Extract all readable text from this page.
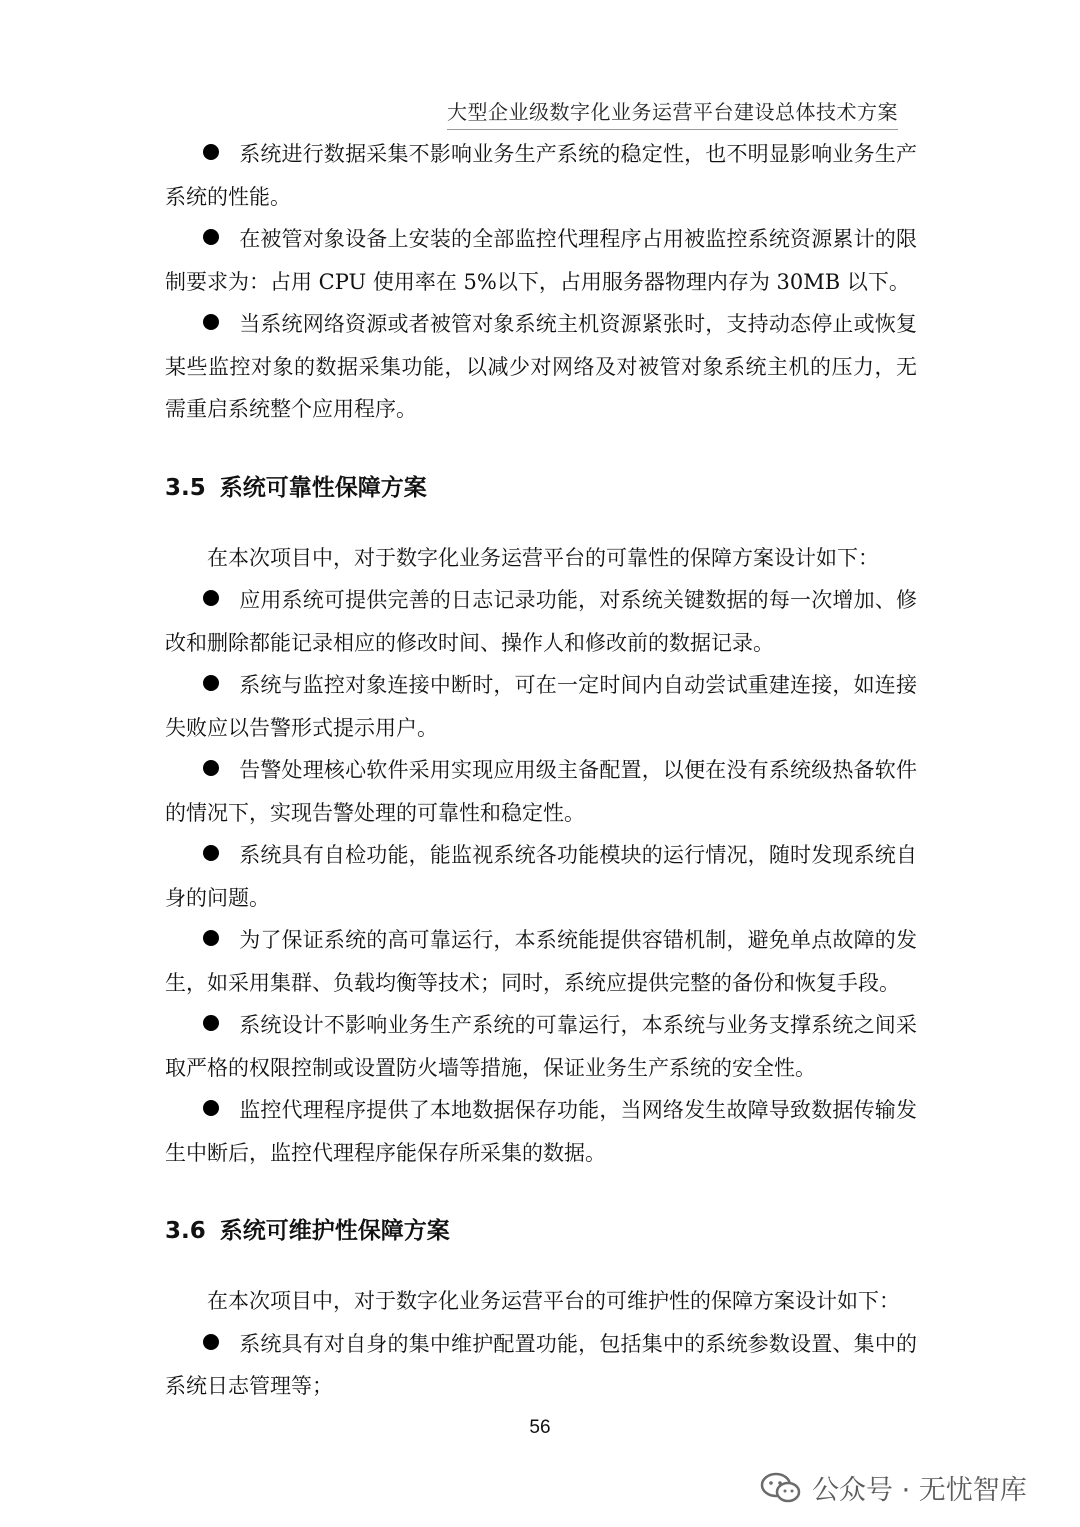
大型企业级数字化业务运营平台建设总体技术方案

系统进行数据采集不影响业务生产系统的稳定性，也不明显影响业务生产系统的性能。

在被管对象设备上安装的全部监控代理程序占用被监控系统资源累计的限制要求为：占用 CPU 使用率在 5%以下，占用服务器物理内存为 30MB 以下。

当系统网络资源或者被管对象系统主机资源紧张时，支持动态停止或恢复某些监控对象的数据采集功能，以减少对网络及对被管对象系统主机的压力，无需重启系统整个应用程序。

3.5 系统可靠性保障方案

在本次项目中，对于数字化业务运营平台的可靠性的保障方案设计如下：

应用系统可提供完善的日志记录功能，对系统关键数据的每一次增加、修改和删除都能记录相应的修改时间、操作人和修改前的数据记录。

系统与监控对象连接中断时，可在一定时间内自动尝试重建连接，如连接失败应以告警形式提示用户。

告警处理核心软件采用实现应用级主备配置，以便在没有系统级热备软件的情况下，实现告警处理的可靠性和稳定性。

系统具有自检功能，能监视系统各功能模块的运行情况，随时发现系统自身的问题。

为了保证系统的高可靠运行，本系统能提供容错机制，避免单点故障的发生，如采用集群、负载均衡等技术；同时，系统应提供完整的备份和恢复手段。

系统设计不影响业务生产系统的可靠运行，本系统与业务支撑系统之间采取严格的权限控制或设置防火墙等措施，保证业务生产系统的安全性。

监控代理程序提供了本地数据保存功能，当网络发生故障导致数据传输发生中断后，监控代理程序能保存所采集的数据。

3.6 系统可维护性保障方案

在本次项目中，对于数字化业务运营平台的可维护性的保障方案设计如下：

系统具有对自身的集中维护配置功能，包括集中的系统参数设置、集中的系统日志管理等；

56
公众号 · 无忧智库
